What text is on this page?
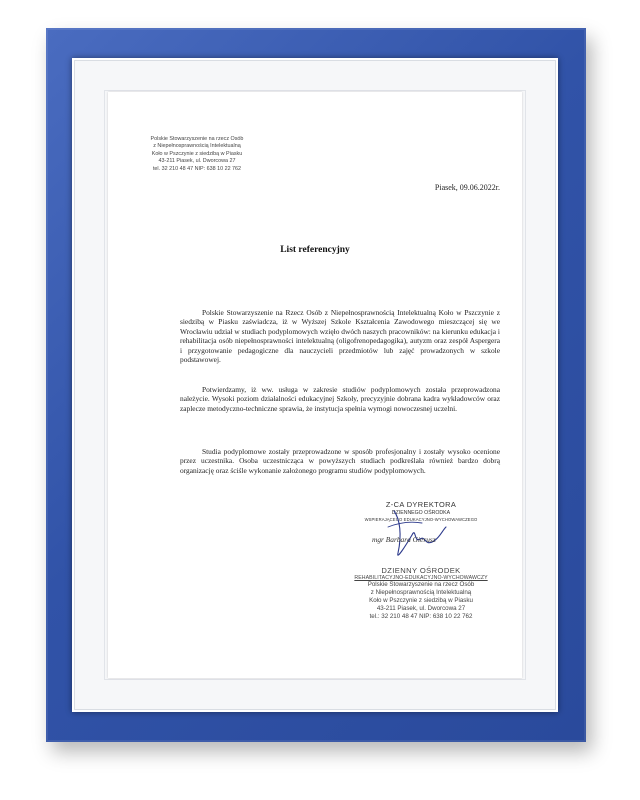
Polskie Stowarzyszenie na rzecz Osób
z Niepełnosprawnością Intelektualną
Koło w Pszczynie z siedzibą w Piasku
43-211 Piasek, ul. Dworcowa 27
tel. 32 210 48 47 NIP: 638 10 22 762
Piasek, 09.06.2022r.
List referencyjny
Polskie Stowarzyszenie na Rzecz Osób z Niepełnosprawnością Intelektualną Koło w Pszczynie z siedzibą w Piasku zaświadcza, iż w Wyższej Szkole Kształcenia Zawodowego mieszczącej się we Wrocławiu udział w studiach podyplomowych wzięło dwóch naszych pracowników: na kierunku edukacja i rehabilitacja osób niepełnosprawności intelektualną (oligofrenopedagogika), autyzm oraz zespół Aspergera i przygotowanie pedagogiczne dla nauczycieli przedmiotów lub zajęć prowadzonych w szkole podstawowej.
Potwierdzamy, iż ww. usługa w zakresie studiów podyplomowych została przeprowadzona należycie. Wysoki poziom działalności edukacyjnej Szkoły, precyzyjnie dobrana kadra wykładowców oraz zaplecze metodyczno-techniczne sprawia, że instytucja spełnia wymogi nowoczesnej uczelni.
Studia podyplomowe zostały przeprowadzone w sposób profesjonalny i zostały wysoko ocenione przez uczestnika. Osoba uczestnicząca w powyższych studiach podkreślała również bardzo dobrą organizację oraz ściśle wykonanie założonego programu studiów podyplomowych.
Z-CA DYREKTORA
DZIENNEGO OŚRODKA
WSPIERAJĄCEGO EDUKACYJNO-WYCHOWAWCZEGO
mgr Barbara Gierusz
DZIENNY OŚRODEK
REHABILITACYJNO-EDUKACYJNO-WYCHOWAWCZY
Polskie Stowarzyszenie na rzecz Osób
z Niepełnosprawnością Intelektualną
Koło w Pszczynie z siedzibą w Piasku
43-211 Piasek, ul. Dworcowa 27
tel.: 32 210 48 47 NIP: 638 10 22 762
